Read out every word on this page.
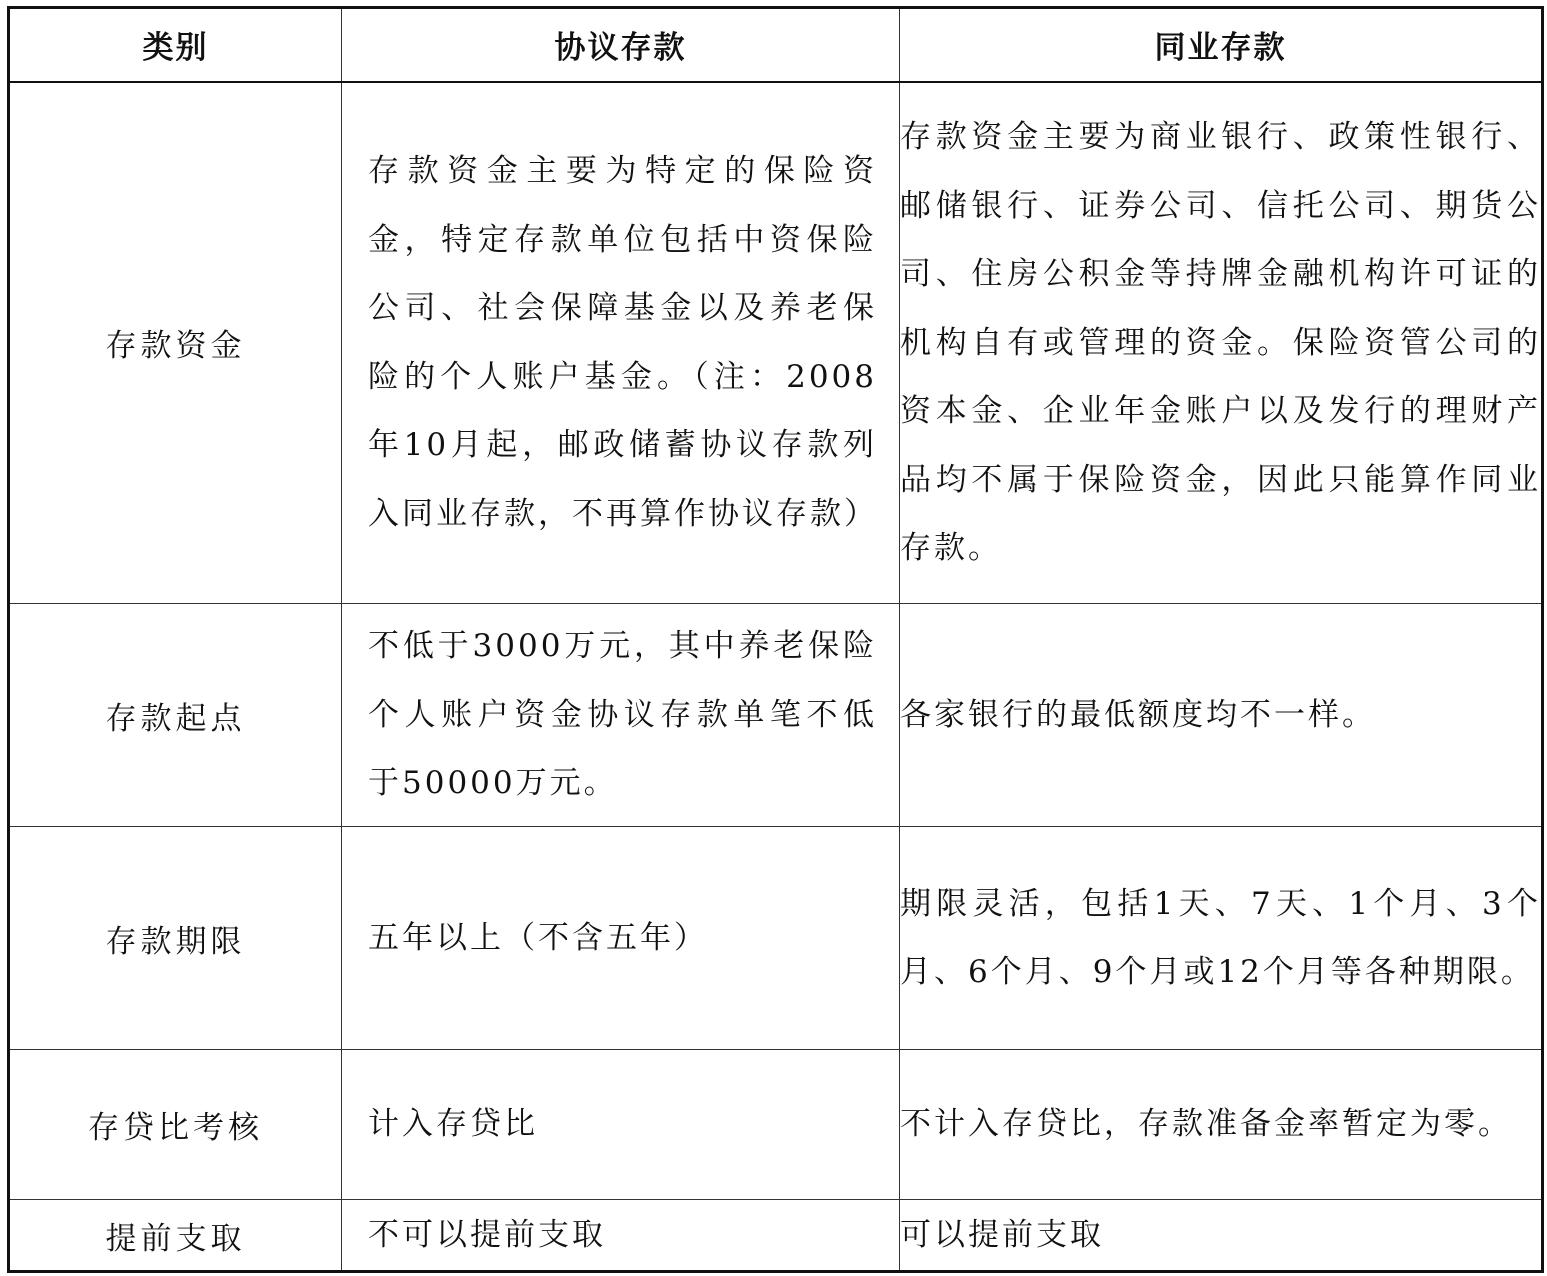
类别	协议存款	同业存款
存款资金	存款资金主要为特定的保险资金，特定存款单位包括中资保险公司、社会保障基金以及养老保险的个人账户基金。（注：2008年10月起，邮政储蓄协议存款列入同业存款，不再算作协议存款）	存款资金主要为商业银行、政策性银行、邮储银行、证券公司、信托公司、期货公司、住房公积金等持牌金融机构许可证的机构自有或管理的资金。保险资管公司的资本金、企业年金账户以及发行的理财产品均不属于保险资金，因此只能算作同业存款。
存款起点	不低于3000万元，其中养老保险个人账户资金协议存款单笔不低于50000万元。	各家银行的最低额度均不一样。
存款期限	五年以上（不含五年）	期限灵活，包括1天、7天、1个月、3个月、6个月、9个月或12个月等各种期限。
存贷比考核	计入存贷比	不计入存贷比，存款准备金率暂定为零。
提前支取	不可以提前支取	可以提前支取
